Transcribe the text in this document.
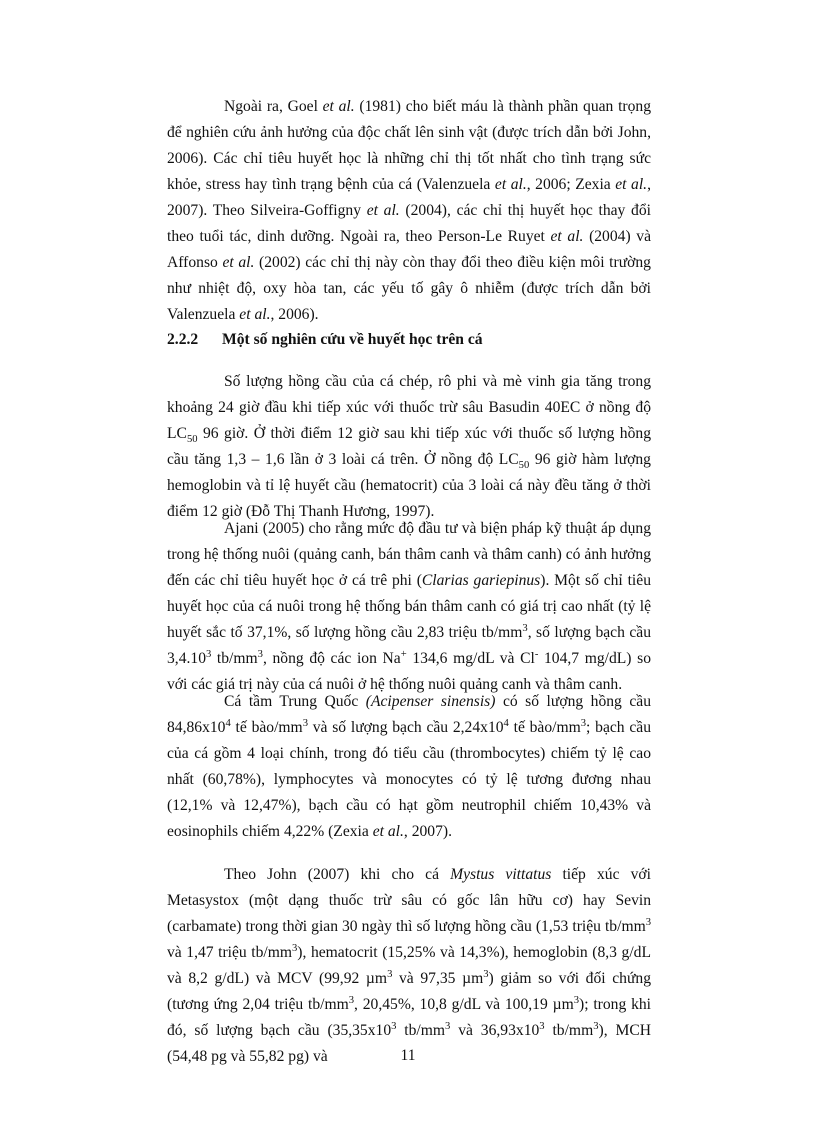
Ngoài ra, Goel et al. (1981) cho biết máu là thành phần quan trọng để nghiên cứu ảnh hưởng của độc chất lên sinh vật (được trích dẫn bởi John, 2006). Các chỉ tiêu huyết học là những chỉ thị tốt nhất cho tình trạng sức khỏe, stress hay tình trạng bệnh của cá (Valenzuela et al., 2006; Zexia et al., 2007). Theo Silveira-Goffigny et al. (2004), các chỉ thị huyết học thay đổi theo tuổi tác, dinh dưỡng. Ngoài ra, theo Person-Le Ruyet et al. (2004) và Affonso et al. (2002) các chỉ thị này còn thay đổi theo điều kiện môi trường như nhiệt độ, oxy hòa tan, các yếu tố gây ô nhiễm (được trích dẫn bởi Valenzuela et al., 2006).

2.2.2 Một số nghiên cứu về huyết học trên cá

Số lượng hồng cầu của cá chép, rô phi và mè vinh gia tăng trong khoảng 24 giờ đầu khi tiếp xúc với thuốc trừ sâu Basudin 40EC ở nồng độ $LC_{50}$ 96 giờ. Ở thời điểm 12 giờ sau khi tiếp xúc với thuốc số lượng hồng cầu tăng 1,3 – 1,6 lần ở 3 loài cá trên. Ở nồng độ $LC_{50}$ 96 giờ hàm lượng hemoglobin và tỉ lệ huyết cầu (hematocrit) của 3 loài cá này đều tăng ở thời điểm 12 giờ (Đỗ Thị Thanh Hương, 1997).

Ajani (2005) cho rằng mức độ đầu tư và biện pháp kỹ thuật áp dụng trong hệ thống nuôi (quảng canh, bán thâm canh và thâm canh) có ảnh hưởng đến các chỉ tiêu huyết học ở cá trê phi (Clarias gariepinus). Một số chỉ tiêu huyết học của cá nuôi trong hệ thống bán thâm canh có giá trị cao nhất (tỷ lệ huyết sắc tố 37,1%, số lượng hồng cầu 2,83 triệu $tb/mm^3$, số lượng bạch cầu 3,4.10$^3$ $tb/mm^3$, nồng độ các ion Na+ 134,6 mg/dL và Cl- 104,7 mg/dL) so với các giá trị này của cá nuôi ở hệ thống nuôi quảng canh và thâm canh.

Cá tầm Trung Quốc (Acipenser sinensis) có số lượng hồng cầu $84,86x10^4$ tế bào/$mm^3$ và số lượng bạch cầu $2,24x10^4$ tế bào/$mm^3$; bạch cầu của cá gồm 4 loại chính, trong đó tiểu cầu (thrombocytes) chiếm tỷ lệ cao nhất (60,78%), lymphocytes và monocytes có tỷ lệ tương đương nhau (12,1% và 12,47%), bạch cầu có hạt gồm neutrophil chiếm 10,43% và eosinophils chiếm 4,22% (Zexia et al., 2007).

Theo John (2007) khi cho cá Mystus vittatus tiếp xúc với Metasystox (một dạng thuốc trừ sâu có gốc lân hữu cơ) hay Sevin (carbamate) trong thời gian 30 ngày thì số lượng hồng cầu (1,53 triệu $tb/mm^3$ và 1,47 triệu $tb/mm^3$), hematocrit (15,25% và 14,3%), hemoglobin (8,3 g/dL và 8,2 g/dL) và MCV (99,92 µm$^3$ và 97,35 µm$^3$) giảm so với đối chứng (tương ứng 2,04 triệu $tb/mm^3$, 20,45%, 10,8 g/dL và 100,19 µm$^3$); trong khi đó, số lượng bạch cầu ($35,35x10^3$ $tb/mm^3$ và $36,93x10^3$ $tb/mm^3$), MCH (54,48 pg và 55,82 pg) và	11
